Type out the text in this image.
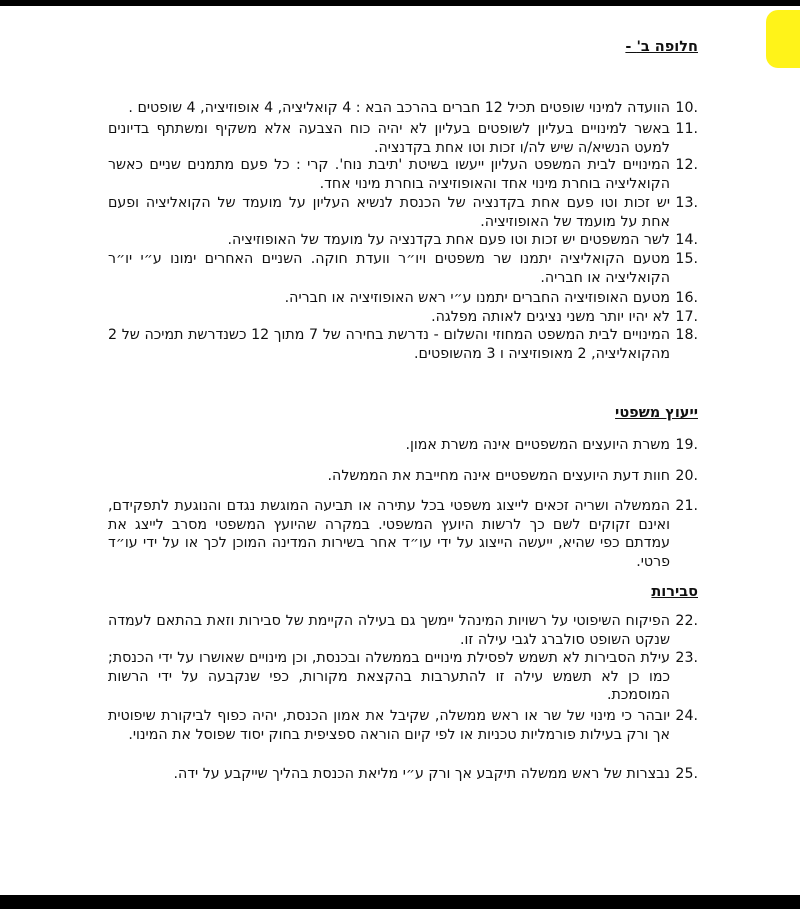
חלופה ב' -
10.
הוועדה למינוי שופטים תכיל 12 חברים בהרכב הבא : 4 קואליציה, 4 אופוזיציה, 4 שופטים .
11.
באשר למינויים בעליון לשופטים בעליון לא יהיה כוח הצבעה אלא משקיף ומשתתף בדיונים למעט הנשיא/ה שיש לה/ו זכות וטו אחת בקדנציה.
12.
המינויים לבית המשפט העליון ייעשו בשיטת 'תיבת נוח'. קרי : כל פעם מתמנים שניים כאשר הקואליציה בוחרת מינוי אחד והאופוזיציה בוחרת מינוי אחד.
13.
יש זכות וטו פעם אחת בקדנציה של הכנסת לנשיא העליון על מועמד של הקואליציה ופעם אחת על מועמד של האופוזיציה.
14.
לשר המשפטים יש זכות וטו פעם אחת בקדנציה על מועמד של האופוזיציה.
15.
מטעם הקואליציה יתמנו שר משפטים ויו״ר וועדת חוקה. השניים האחרים ימונו ע״י יו״ר הקואליציה או חבריה.
16.
מטעם האופוזיציה החברים יתמנו ע״י ראש האופוזיציה או חבריה.
17.
לא יהיו יותר משני נציגים לאותה מפלגה.
18.
המינויים לבית המשפט המחוזי והשלום - נדרשת בחירה של 7 מתוך 12 כשנדרשת תמיכה של 2 מהקואליציה, 2 מאופוזיציה ו 3 מהשופטים.
ייעוץ משפטי
19.
משרת היועצים המשפטיים אינה משרת אמון.
20.
חוות דעת היועצים המשפטיים אינה מחייבת את הממשלה.
21.
הממשלה ושריה זכאים לייצוג משפטי בכל עתירה או תביעה המוגשת נגדם והנוגעת לתפקידם, ואינם זקוקים לשם כך לרשות היועץ המשפטי. במקרה שהיועץ המשפטי מסרב לייצג את עמדתם כפי שהיא, ייעשה הייצוג על ידי עו״ד אחר בשירות המדינה המוכן לכך או על ידי עו״ד פרטי.
סבירות
22.
הפיקוח השיפוטי על רשויות המינהל יימשך גם בעילה הקיימת של סבירות וזאת בהתאם לעמדה שנקט השופט סולברג לגבי עילה זו.
23.
עילת הסבירות לא תשמש לפסילת מינויים בממשלה ובכנסת, וכן מינויים שאושרו על ידי הכנסת; כמו כן לא תשמש עילה זו להתערבות בהקצאת מקורות, כפי שנקבעה על ידי הרשות המוסמכת.
24.
יובהר כי מינוי של שר או ראש ממשלה, שקיבל את אמון הכנסת, יהיה כפוף לביקורת שיפוטית אך ורק בעילות פורמליות טכניות או לפי קיום הוראה ספציפית בחוק יסוד שפוסל את המינוי.
25.
נבצרות של ראש ממשלה תיקבע אך ורק ע״י מליאת הכנסת בהליך שייקבע על ידה.
